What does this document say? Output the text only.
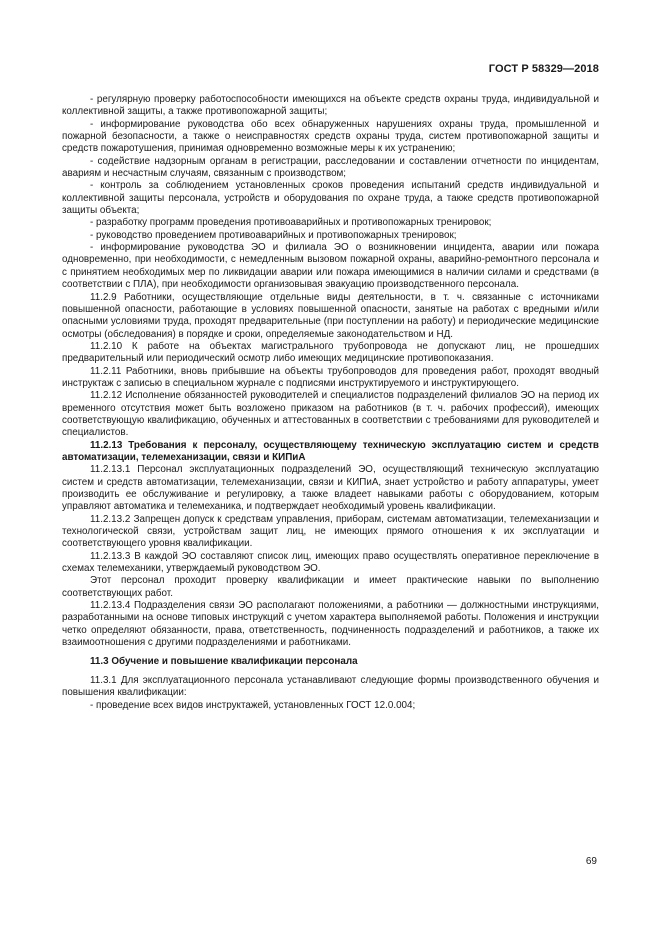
ГОСТ Р 58329—2018

- регулярную проверку работоспособности имеющихся на объекте средств охраны труда, индивидуальной и коллективной защиты, а также противопожарной защиты;

- информирование руководства обо всех обнаруженных нарушениях охраны труда, промышленной и пожарной безопасности, а также о неисправностях средств охраны труда, систем противопожарной защиты и средств пожаротушения, принимая одновременно возможные меры к их устранению;

- содействие надзорным органам в регистрации, расследовании и составлении отчетности по инцидентам, авариям и несчастным случаям, связанным с производством;

- контроль за соблюдением установленных сроков проведения испытаний средств индивидуальной и коллективной защиты персонала, устройств и оборудования по охране труда, а также средств противопожарной защиты объекта;

- разработку программ проведения противоаварийных и противопожарных тренировок;

- руководство проведением противоаварийных и противопожарных тренировок;

- информирование руководства ЭО и филиала ЭО о возникновении инцидента, аварии или пожара одновременно, при необходимости, с немедленным вызовом пожарной охраны, аварийно-ремонтного персонала и с принятием необходимых мер по ликвидации аварии или пожара имеющимися в наличии силами и средствами (в соответствии с ПЛА), при необходимости организовывая эвакуацию производственного персонала.

11.2.9 Работники, осуществляющие отдельные виды деятельности, в т. ч. связанные с источниками повышенной опасности, работающие в условиях повышенной опасности, занятые на работах с вредными и/или опасными условиями труда, проходят предварительные (при поступлении на работу) и периодические медицинские осмотры (обследования) в порядке и сроки, определяемые законодательством и НД.

11.2.10 К работе на объектах магистрального трубопровода не допускают лиц, не прошедших предварительный или периодический осмотр либо имеющих медицинские противопоказания.

11.2.11 Работники, вновь прибывшие на объекты трубопроводов для проведения работ, проходят вводный инструктаж с записью в специальном журнале с подписями инструктируемого и инструктирующего.

11.2.12 Исполнение обязанностей руководителей и специалистов подразделений филиалов ЭО на период их временного отсутствия может быть возложено приказом на работников (в т. ч. рабочих профессий), имеющих соответствующую квалификацию, обученных и аттестованных в соответствии с требованиями для руководителей и специалистов.

11.2.13 Требования к персоналу, осуществляющему техническую эксплуатацию систем и средств автоматизации, телемеханизации, связи и КИПиА

11.2.13.1 Персонал эксплуатационных подразделений ЭО, осуществляющий техническую эксплуатацию систем и средств автоматизации, телемеханизации, связи и КИПиА, знает устройство и работу аппаратуры, умеет производить ее обслуживание и регулировку, а также владеет навыками работы с оборудованием, которым управляют автоматика и телемеханика, и подтверждает необходимый уровень квалификации.

11.2.13.2 Запрещен допуск к средствам управления, приборам, системам автоматизации, телемеханизации и технологической связи, устройствам защит лиц, не имеющих прямого отношения к их эксплуатации и соответствующего уровня квалификации.

11.2.13.3 В каждой ЭО составляют список лиц, имеющих право осуществлять оперативное переключение в схемах телемеханики, утверждаемый руководством ЭО.

Этот персонал проходит проверку квалификации и имеет практические навыки по выполнению соответствующих работ.

11.2.13.4 Подразделения связи ЭО располагают положениями, а работники — должностными инструкциями, разработанными на основе типовых инструкций с учетом характера выполняемой работы. Положения и инструкции четко определяют обязанности, права, ответственность, подчиненность подразделений и работников, а также их взаимоотношения с другими подразделениями и работниками.

11.3 Обучение и повышение квалификации персонала

11.3.1 Для эксплуатационного персонала устанавливают следующие формы производственного обучения и повышения квалификации:

- проведение всех видов инструктажей, установленных ГОСТ 12.0.004;

69
